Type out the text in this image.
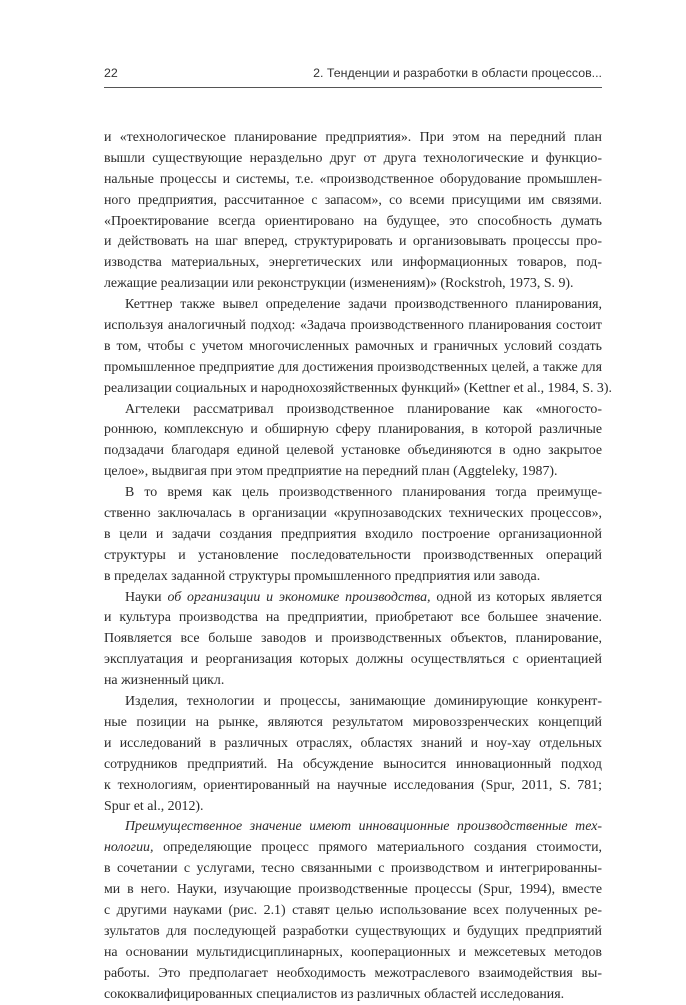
22	2. Тенденции и разработки в области процессов...
и «технологическое планирование предприятия». При этом на передний план
вышли существующие нераздельно друг от друга технологические и функцио-
нальные процессы и системы, т.е. «производственное оборудование промышлен-
ного предприятия, рассчитанное с запасом», со всеми присущими им связями.
«Проектирование всегда ориентировано на будущее, это способность думать
и действовать на шаг вперед, структурировать и организовывать процессы про-
изводства материальных, энергетических или информационных товаров, под-
лежащие реализации или реконструкции (изменениям)» (Rockstroh, 1973, S. 9).
Кеттнер также вывел определение задачи производственного планирования,
используя аналогичный подход: «Задача производственного планирования состоит
в том, чтобы с учетом многочисленных рамочных и граничных условий создать
промышленное предприятие для достижения производственных целей, а также для
реализации социальных и народнохозяйственных функций» (Kettner et al., 1984, S. 3).
Агтелеки рассматривал производственное планирование как «многосто-
роннюю, комплексную и обширную сферу планирования, в которой различные
подзадачи благодаря единой целевой установке объединяются в одно закрытое
целое», выдвигая при этом предприятие на передний план (Aggteleky, 1987).
В то время как цель производственного планирования тогда преимуще-
ственно заключалась в организации «крупнозаводских технических процессов»,
в цели и задачи создания предприятия входило построение организационной
структуры и установление последовательности производственных операций
в пределах заданной структуры промышленного предприятия или завода.
Науки об организации и экономике производства, одной из которых является
и культура производства на предприятии, приобретают все большее значение.
Появляется все больше заводов и производственных объектов, планирование,
эксплуатация и реорганизация которых должны осуществляться с ориентацией
на жизненный цикл.
Изделия, технологии и процессы, занимающие доминирующие конкурент-
ные позиции на рынке, являются результатом мировоззренческих концепций
и исследований в различных отраслях, областях знаний и ноу-хау отдельных
сотрудников предприятий. На обсуждение выносится инновационный подход
к технологиям, ориентированный на научные исследования (Spur, 2011, S. 781;
Spur et al., 2012).
Преимущественное значение имеют инновационные производственные тех-
нологии, определяющие процесс прямого материального создания стоимости,
в сочетании с услугами, тесно связанными с производством и интегрированны-
ми в него. Науки, изучающие производственные процессы (Spur, 1994), вместе
с другими науками (рис. 2.1) ставят целью использование всех полученных ре-
зультатов для последующей разработки существующих и будущих предприятий
на основании мультидисциплинарных, кооперационных и межсетевых методов
работы. Это предполагает необходимость межотраслевого взаимодействия вы-
сококвалифицированных специалистов из различных областей исследования.
